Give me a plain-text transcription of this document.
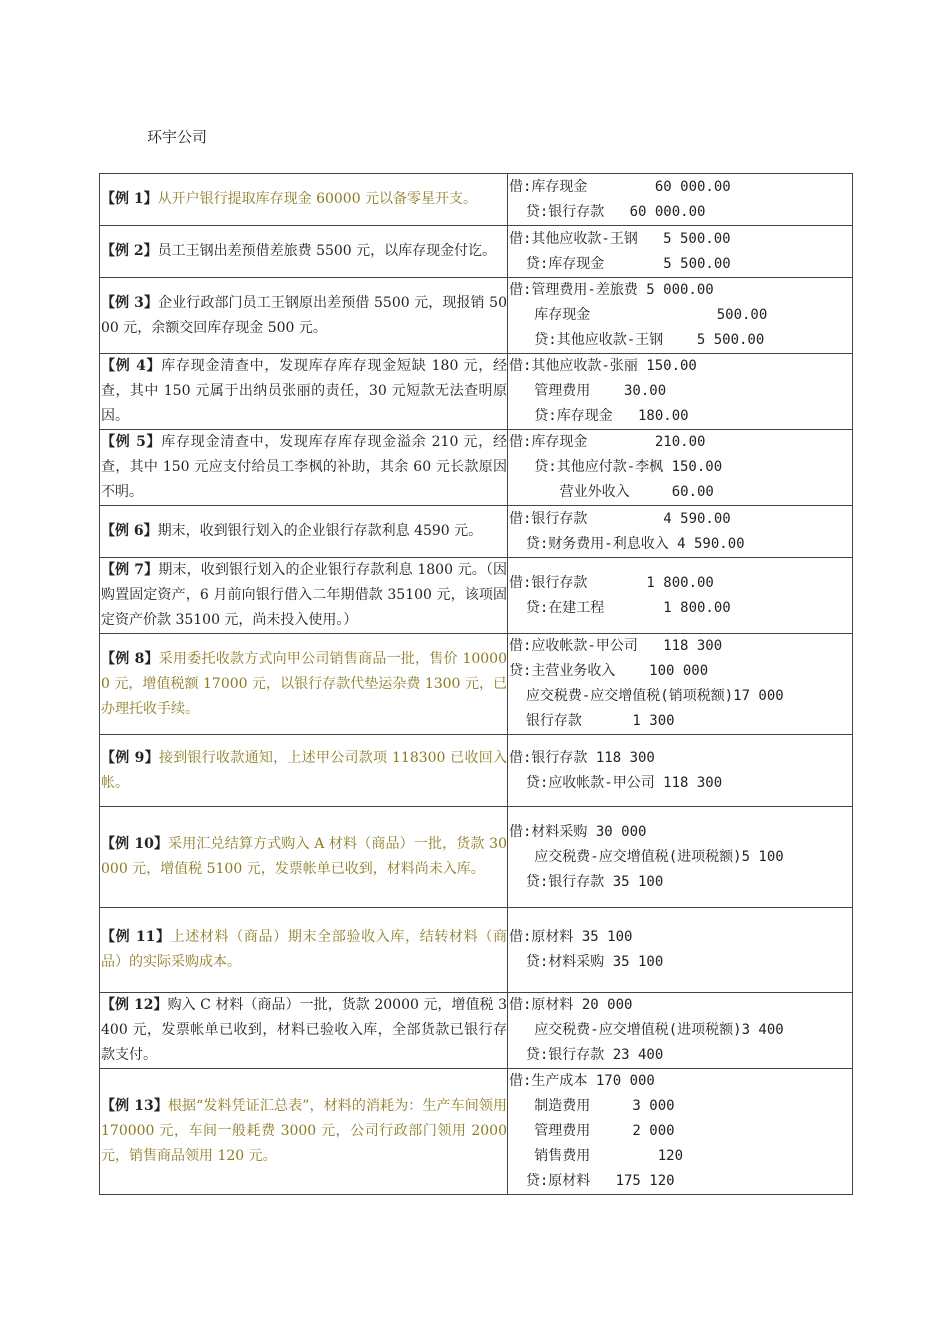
环宇公司
【例 1】从开户银行提取库存现金 60000 元以备零星开支。	借:库存现金        60 000.00
贷:银行存款   60 000.00

【例 2】员工王钢出差预借差旅费 5500 元，以库存现金付讫。	借:其他应收款-王钢   5 500.00
贷:库存现金       5 500.00

【例 3】企业行政部门员工王钢原出差预借 5500 元，现报销 5000 元，余额交回库存现金 500 元。	借:管理费用-差旅费 5 000.00
库存现金               500.00
贷:其他应收款-王钢    5 500.00

【例 4】库存现金清查中，发现库存库存现金短缺 180 元，经查，其中 150 元属于出纳员张丽的责任，30 元短款无法查明原因。	借:其他应收款-张丽 150.00
管理费用    30.00
贷:库存现金   180.00

【例 5】库存现金清查中，发现库存库存现金溢余 210 元，经查，其中 150 元应支付给员工李枫的补助，其余 60 元长款原因不明。	借:库存现金        210.00
贷:其他应付款-李枫 150.00
营业外收入     60.00

【例 6】期末，收到银行划入的企业银行存款利息 4590 元。	借:银行存款         4 590.00
贷:财务费用-利息收入 4 590.00

【例 7】期末，收到银行划入的企业银行存款利息 1800 元。（因购置固定资产，6 月前向银行借入二年期借款 35100 元，该项固定资产价款 35100 元，尚未投入使用。）	借:银行存款       1 800.00
贷:在建工程       1 800.00

【例 8】采用委托收款方式向甲公司销售商品一批，售价 100000 元，增值税额 17000 元，以银行存款代垫运杂费 1300 元，已办理托收手续。	借:应收帐款-甲公司   118 300
贷:主营业务收入    100 000
应交税费-应交增值税(销项税额)17 000
银行存款      1 300

【例 9】接到银行收款通知，上述甲公司款项 118300 已收回入帐。	借:银行存款 118 300
贷:应收帐款-甲公司 118 300

【例 10】采用汇兑结算方式购入 A 材料（商品）一批，货款 30000 元，增值税 5100 元，发票帐单已收到，材料尚未入库。	借:材料采购 30 000
应交税费-应交增值税(进项税额)5 100
贷:银行存款 35 100

【例 11】上述材料（商品）期末全部验收入库，结转材料（商品）的实际采购成本。	借:原材料 35 100
贷:材料采购 35 100

【例 12】购入 C 材料（商品）一批，货款 20000 元，增值税 3400 元，发票帐单已收到，材料已验收入库，全部货款已银行存款支付。	借:原材料 20 000
应交税费-应交增值税(进项税额)3 400
贷:银行存款 23 400

【例 13】根据“发料凭证汇总表”，材料的消耗为：生产车间领用 170000 元，车间一般耗费 3000 元，公司行政部门领用 2000 元，销售商品领用 120 元。	借:生产成本 170 000
制造费用     3 000
管理费用     2 000
销售费用        120
贷:原材料   175 120
